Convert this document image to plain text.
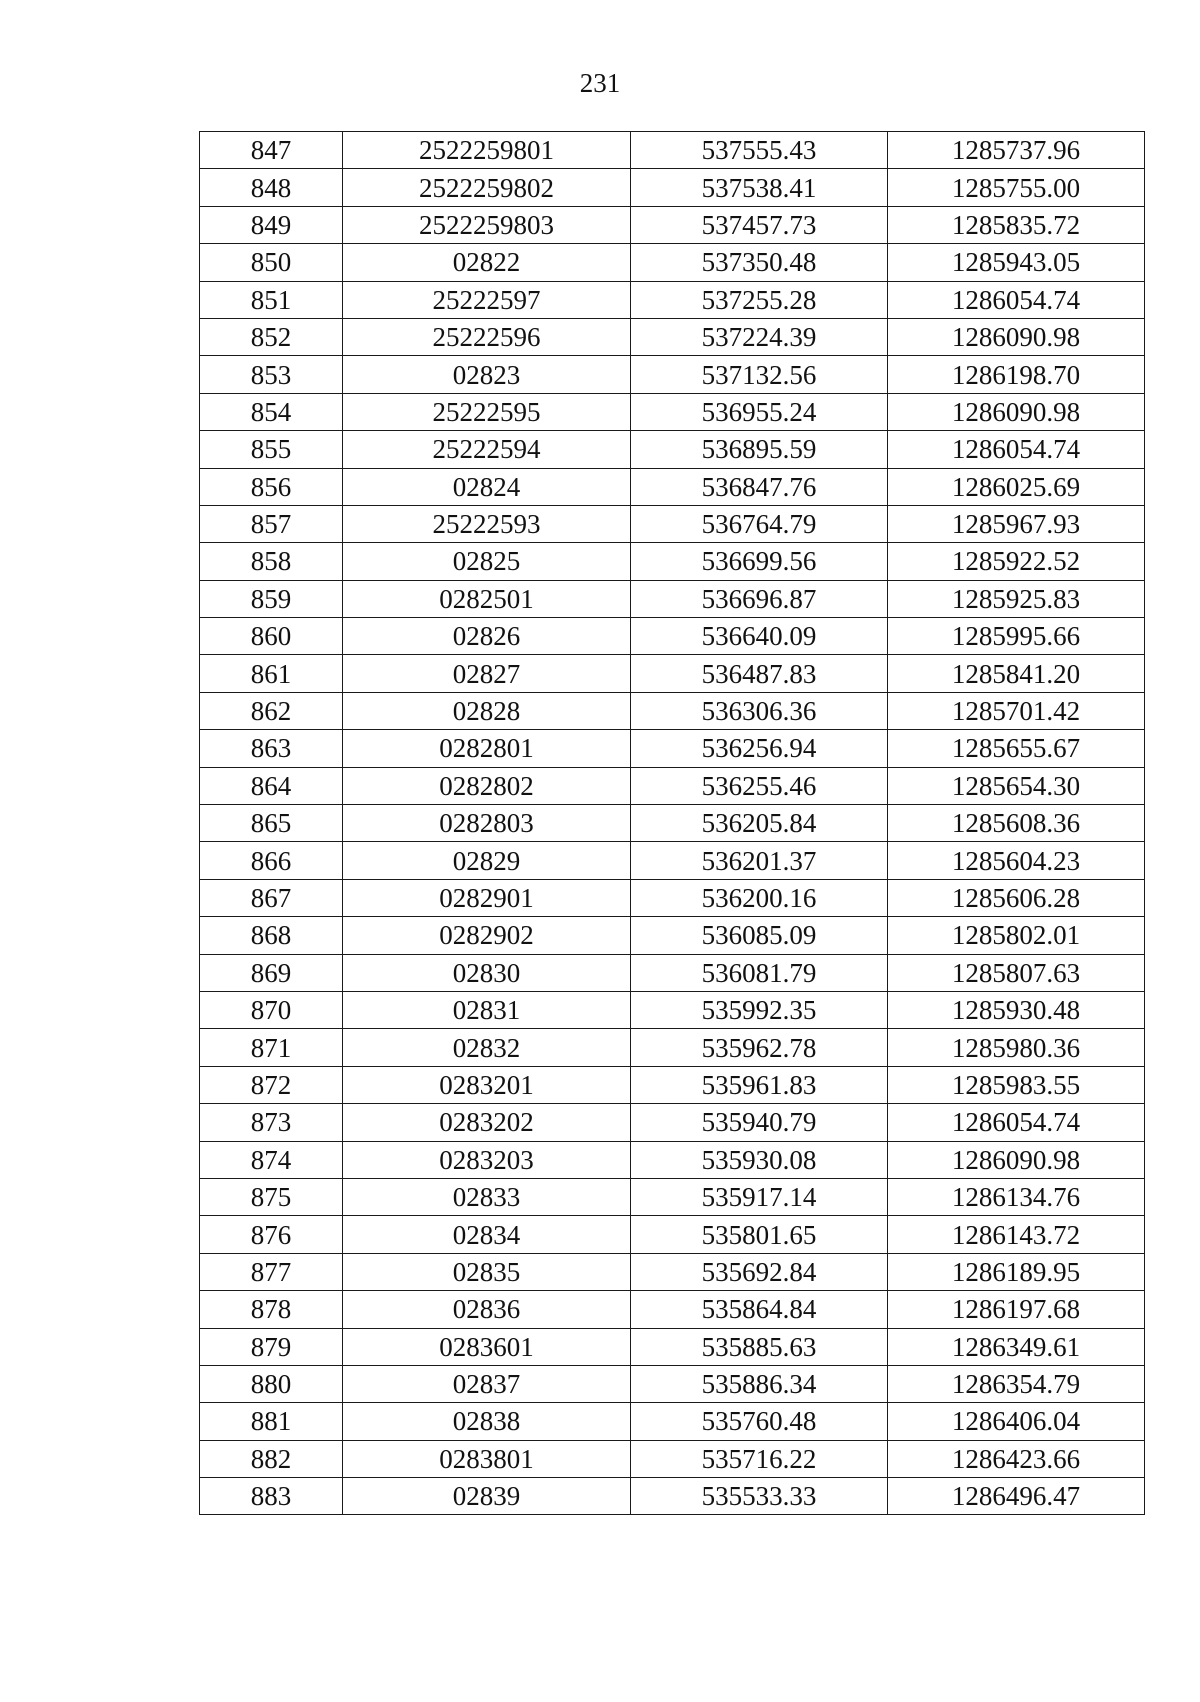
231
847	2522259801	537555.43	1285737.96
848	2522259802	537538.41	1285755.00
849	2522259803	537457.73	1285835.72
850	02822	537350.48	1285943.05
851	25222597	537255.28	1286054.74
852	25222596	537224.39	1286090.98
853	02823	537132.56	1286198.70
854	25222595	536955.24	1286090.98
855	25222594	536895.59	1286054.74
856	02824	536847.76	1286025.69
857	25222593	536764.79	1285967.93
858	02825	536699.56	1285922.52
859	0282501	536696.87	1285925.83
860	02826	536640.09	1285995.66
861	02827	536487.83	1285841.20
862	02828	536306.36	1285701.42
863	0282801	536256.94	1285655.67
864	0282802	536255.46	1285654.30
865	0282803	536205.84	1285608.36
866	02829	536201.37	1285604.23
867	0282901	536200.16	1285606.28
868	0282902	536085.09	1285802.01
869	02830	536081.79	1285807.63
870	02831	535992.35	1285930.48
871	02832	535962.78	1285980.36
872	0283201	535961.83	1285983.55
873	0283202	535940.79	1286054.74
874	0283203	535930.08	1286090.98
875	02833	535917.14	1286134.76
876	02834	535801.65	1286143.72
877	02835	535692.84	1286189.95
878	02836	535864.84	1286197.68
879	0283601	535885.63	1286349.61
880	02837	535886.34	1286354.79
881	02838	535760.48	1286406.04
882	0283801	535716.22	1286423.66
883	02839	535533.33	1286496.47
